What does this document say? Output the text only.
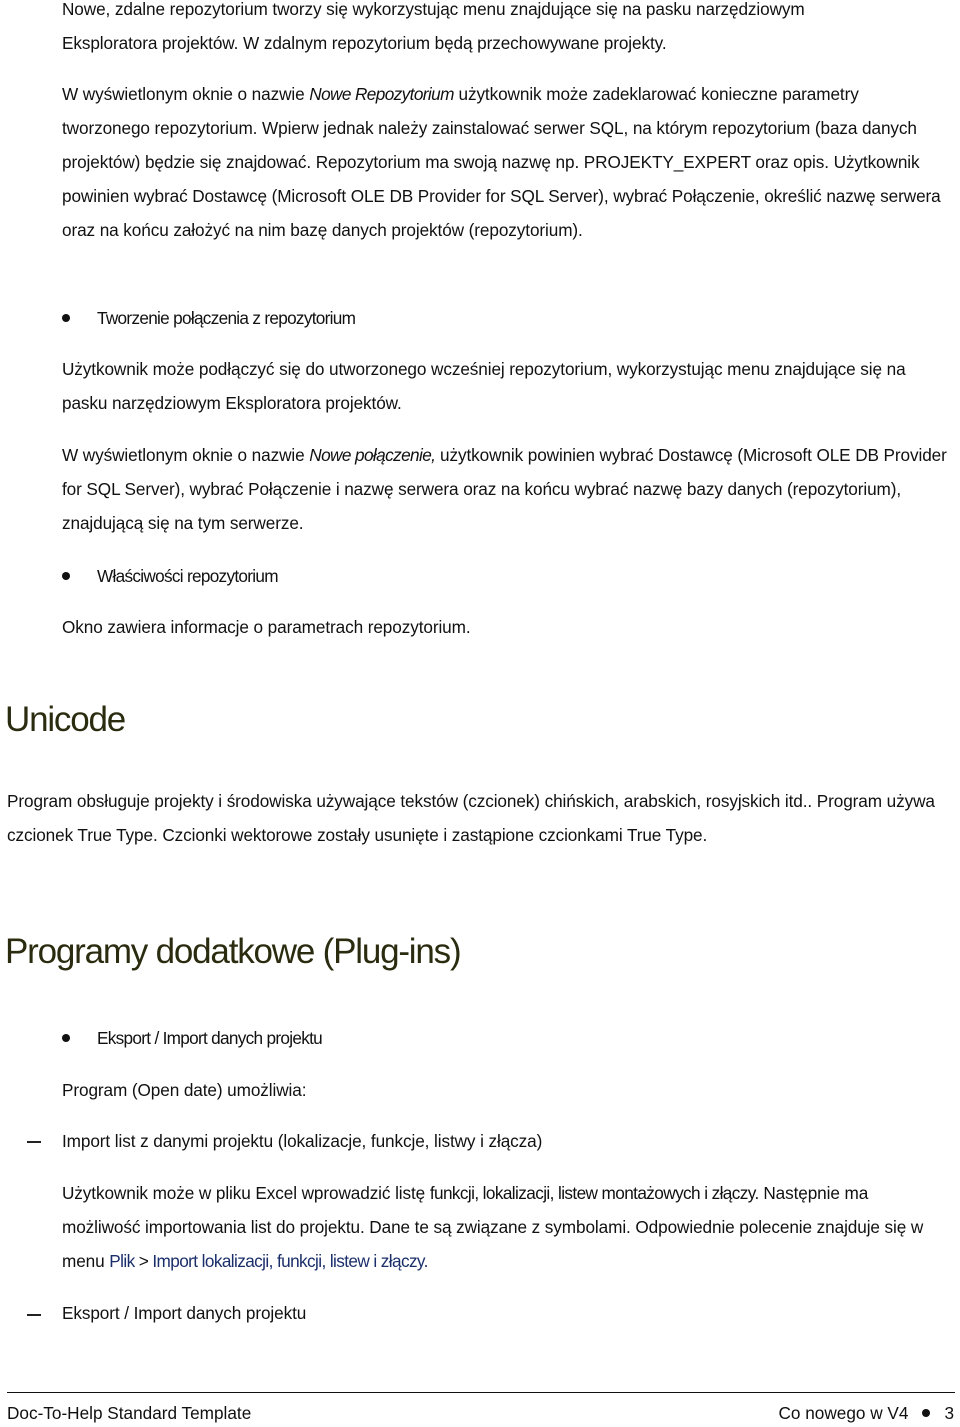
Nowe, zdalne repozytorium tworzy się wykorzystując menu znajdujące się na pasku narzędziowym
Eksploratora projektów. W zdalnym repozytorium będą przechowywane projekty.

W wyświetlonym oknie o nazwie Nowe Repozytorium użytkownik może zadeklarować konieczne parametry tworzonego repozytorium. Wpierw jednak należy zainstalować serwer SQL, na którym repozytorium (baza danych projektów) będzie się znajdować. Repozytorium ma swoją nazwę np. PROJEKTY_EXPERT oraz opis. Użytkownik powinien wybrać Dostawcę (Microsoft OLE DB Provider for SQL Server), wybrać Połączenie, określić nazwę serwera oraz na końcu założyć na nim bazę danych projektów (repozytorium).

Tworzenie połączenia z repozytorium

Użytkownik może podłączyć się do utworzonego wcześniej repozytorium, wykorzystując menu znajdujące się na pasku narzędziowym Eksploratora projektów.

W wyświetlonym oknie o nazwie Nowe połączenie, użytkownik powinien wybrać Dostawcę (Microsoft OLE DB Provider for SQL Server), wybrać Połączenie i nazwę serwera oraz na końcu wybrać nazwę bazy danych (repozytorium), znajdującą się na tym serwerze.

Właściwości repozytorium

Okno zawiera informacje o parametrach repozytorium.

Unicode

Program obsługuje projekty i środowiska używające tekstów (czcionek) chińskich, arabskich, rosyjskich itd.. Program używa czcionek True Type. Czcionki wektorowe zostały usunięte i zastąpione czcionkami True Type.

Programy dodatkowe (Plug-ins)
Eksport / Import danych projektu

Program (Open date) umożliwia:

Import list z danymi projektu (lokalizacje, funkcje, listwy i złącza)

Użytkownik może w pliku Excel wprowadzić listę funkcji, lokalizacji, listew montażowych i złączy. Następnie ma możliwość importowania list do projektu. Dane te są związane z symbolami. Odpowiednie polecenie znajduje się w menu Plik > Import lokalizacji, funkcji, listew i złączy.

Eksport / Import danych projektu

Doc-To-Help Standard Template	Co nowego w V4 3
